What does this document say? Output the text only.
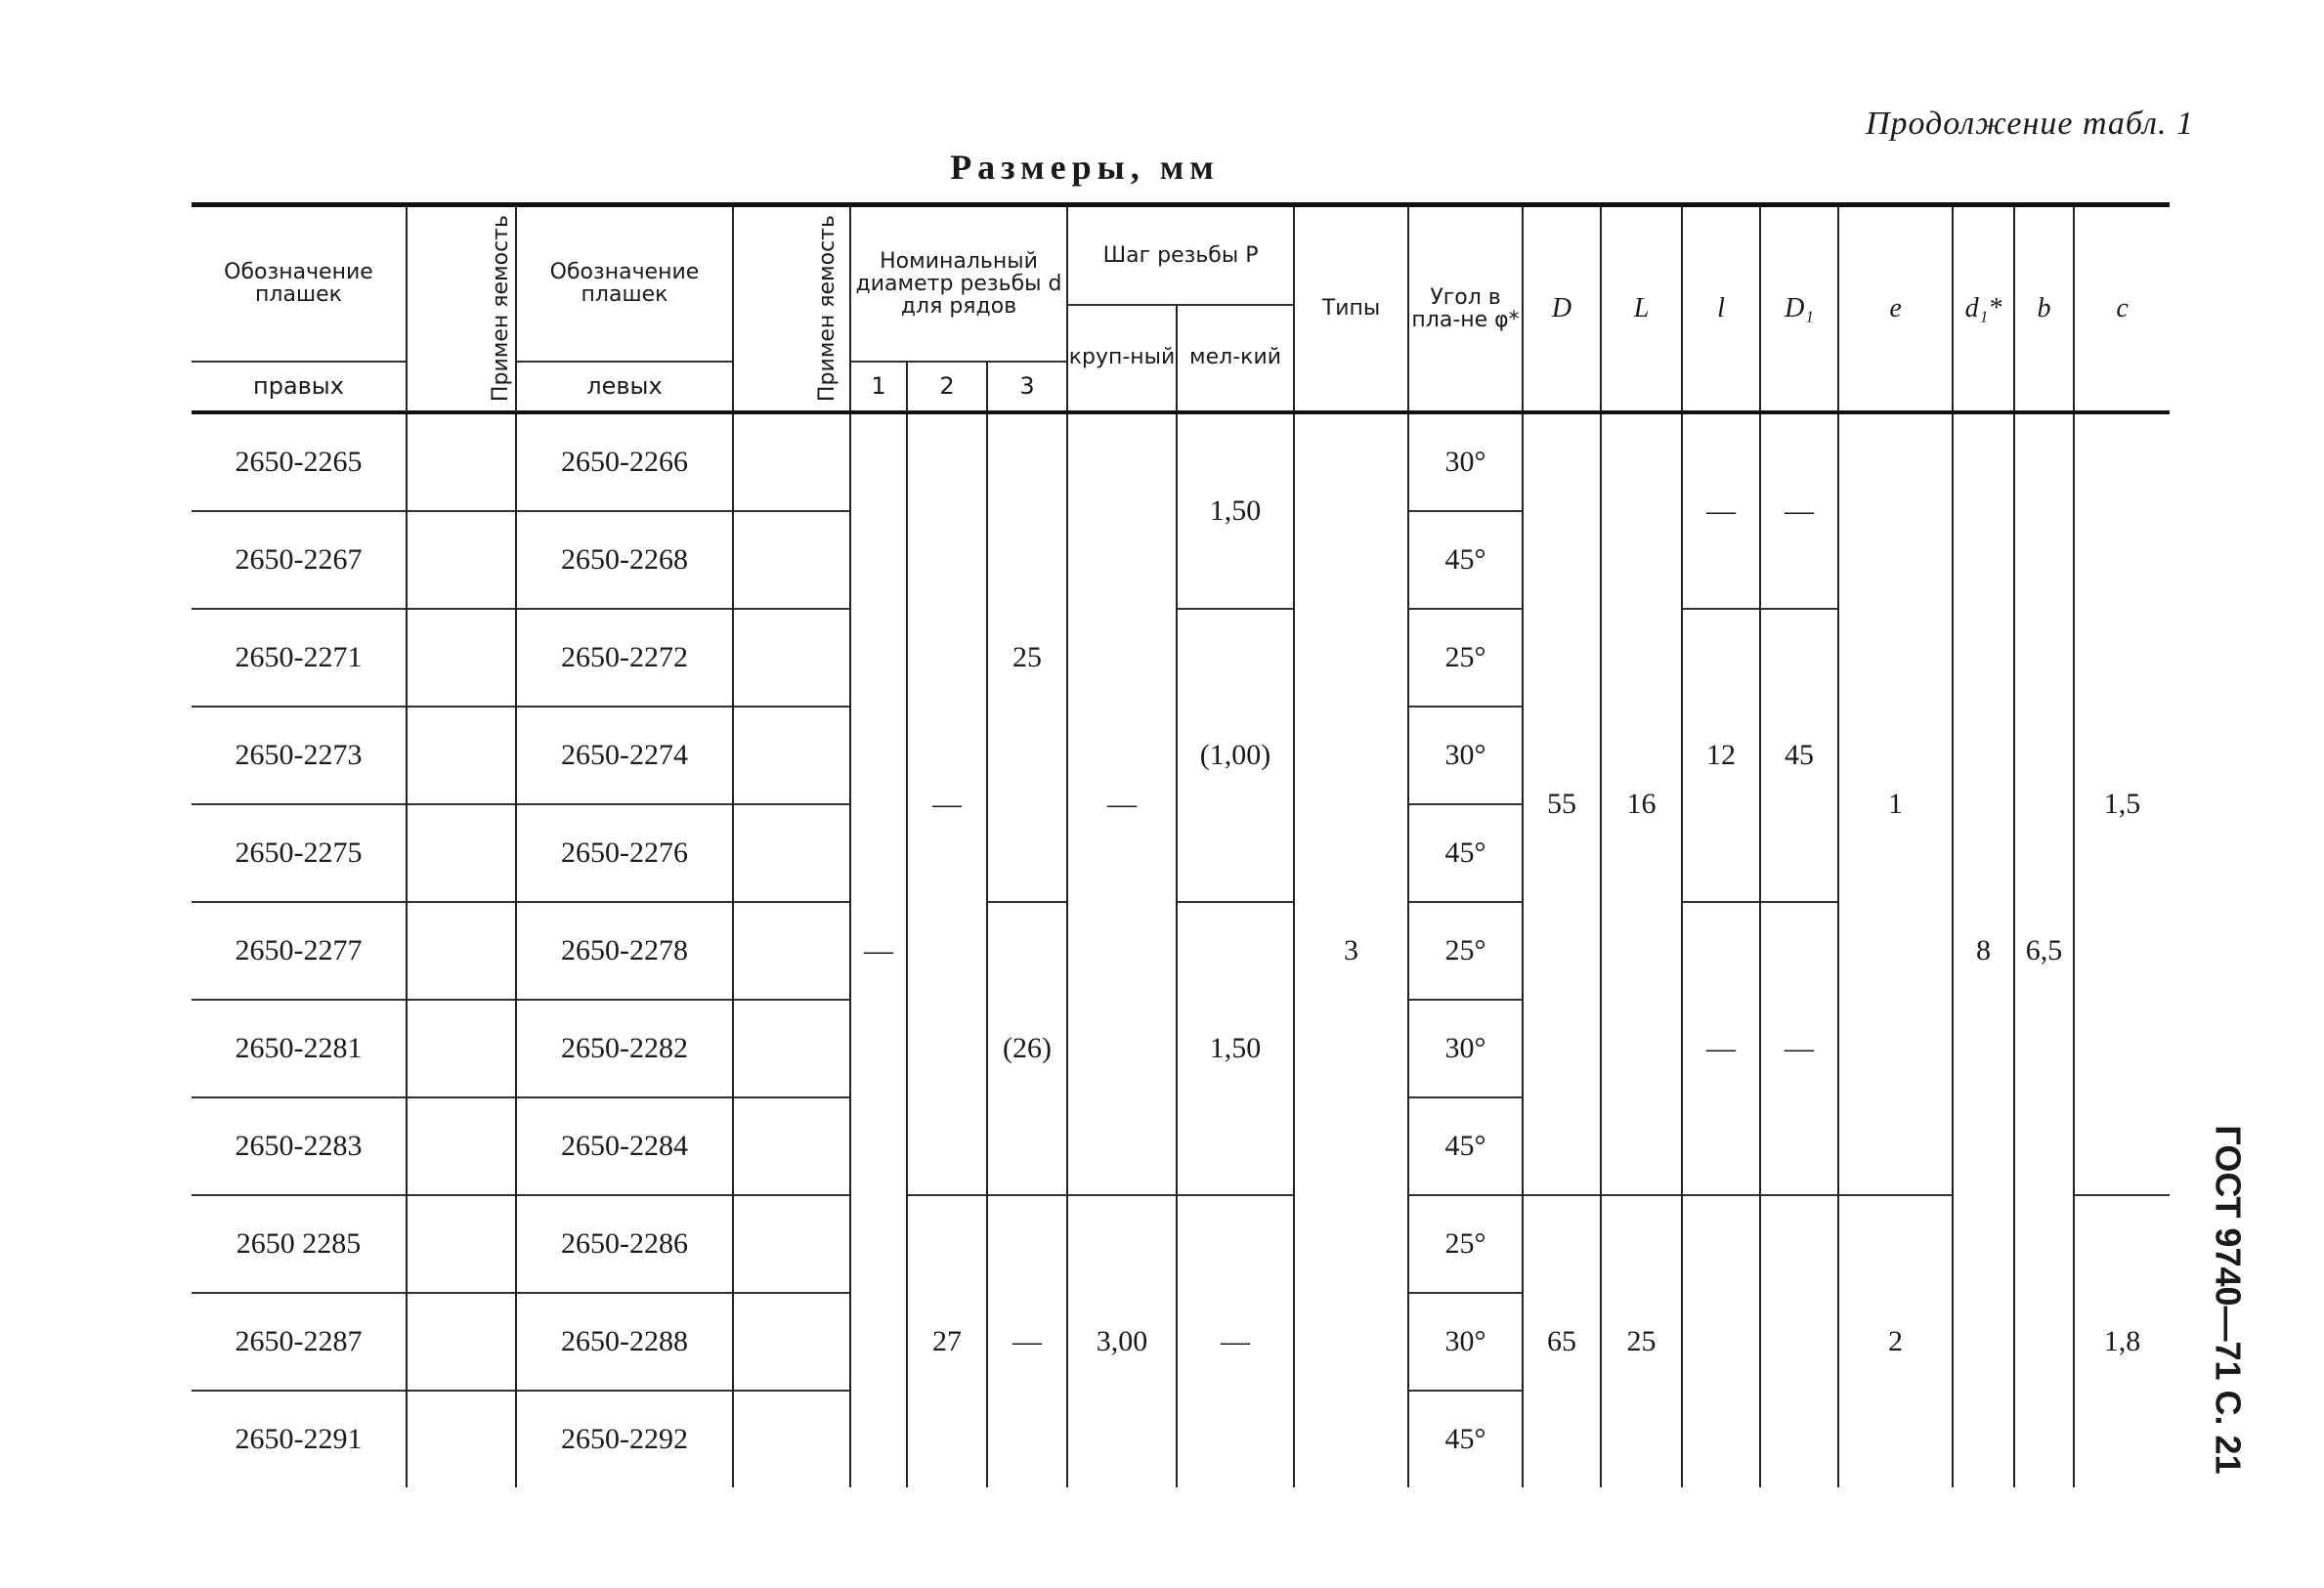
Продолжение табл. 1
Размеры, мм
ГОСТ 9740—71 С. 21
Обозначение плашек	Примен яемость	Обозначение плашек	Примен яемость	Номинальный диаметр резьбы d для рядов			Шаг резьбы P		Типы	Угол в пла-не φ*	D	L	l	D₁	e	d₁*	b	c
							круп-ный	мел-кий										
правых		левых		1	2	3												
2650-2265		2650-2266		—	—	25	—	1,50	3	30°	55	16	—	—	1	8	6,5	1,5
2650-2267		2650-2268								45°								
2650-2271		2650-2272						(1,00)		25°			12	45				
2650-2273		2650-2274								30°								
2650-2275		2650-2276								45°								
2650-2277		2650-2278				(26)		1,50		25°			—	—				
2650-2281		2650-2282								30°								
2650-2283		2650-2284								45°								
2650 2285		2650-2286			27	—	3,00	—		25°	65	25			2			1,8
2650-2287		2650-2288								30°								
2650-2291		2650-2292								45°								
